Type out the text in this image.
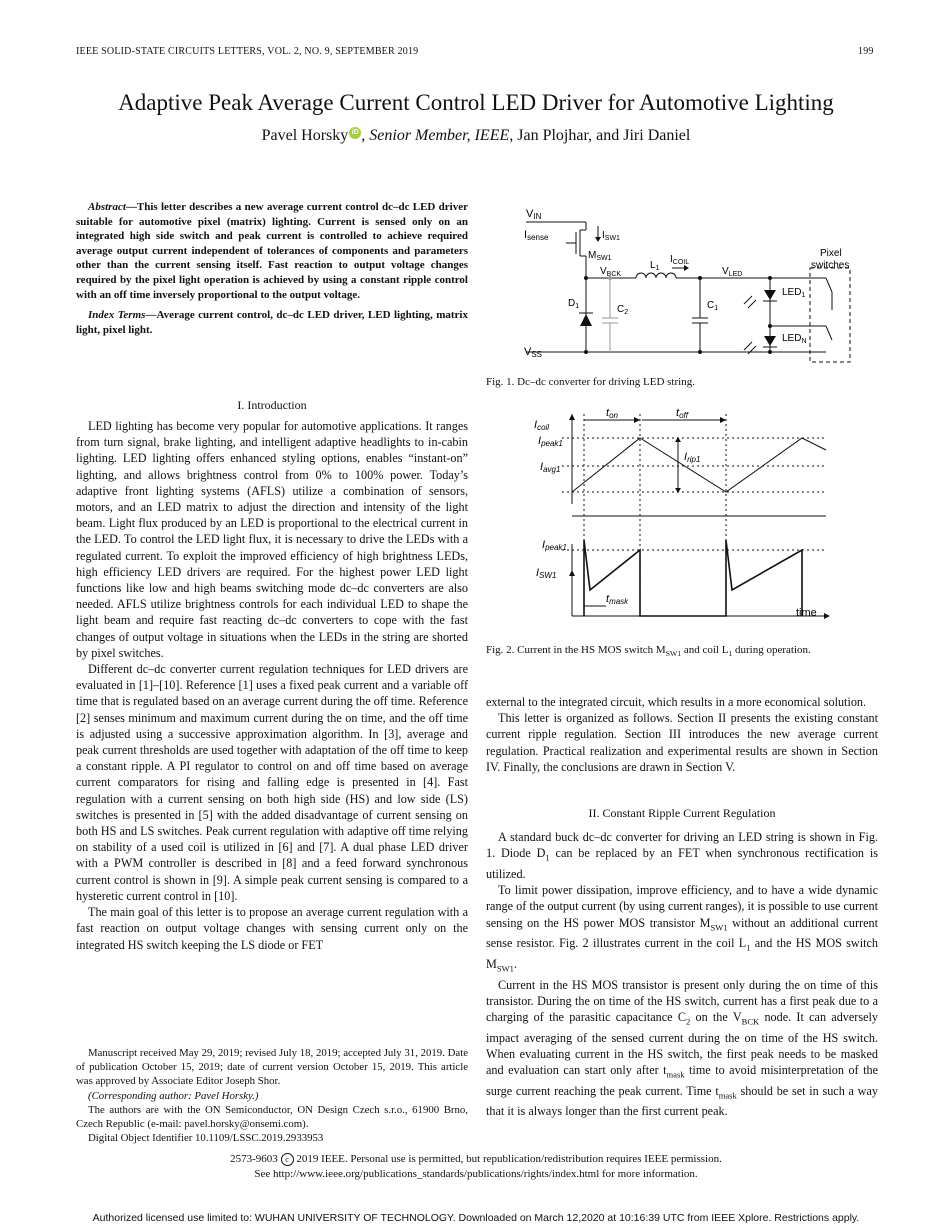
IEEE SOLID-STATE CIRCUITS LETTERS, VOL. 2, NO. 9, SEPTEMBER 2019	199
Adaptive Peak Average Current Control LED Driver for Automotive Lighting
Pavel Horsky iD , Senior Member, IEEE, Jan Plojhar, and Jiri Daniel

Abstract—This letter describes a new average current control dc–dc LED driver suitable for automotive pixel (matrix) lighting. Current is sensed only on an integrated high side switch and peak current is controlled to achieve required average output current independent of tolerances of components and parameters other than the current sensing itself. Fast reaction to output voltage changes required by the pixel light operation is achieved by using a constant ripple control with an off time inversely proportional to the output voltage.

Index Terms—Average current control, dc–dc LED driver, LED lighting, matrix light, pixel light.

I. Introduction

LED lighting has become very popular for automotive applications. It ranges from turn signal, brake lighting, and intelligent adaptive headlights to in-cabin lighting. LED lighting offers enhanced styling options, enables “instant-on” lighting, and allows brightness control from 0% to 100% power. Today’s adaptive front lighting systems (AFLS) utilize a combination of sensors, motors, and an LED matrix to adjust the direction and intensity of the light beam. Light flux produced by an LED is proportional to the electrical current in the LED. To control the LED light flux, it is necessary to drive the LEDs with a regulated current. To exploit the improved efficiency of high brightness LEDs, high efficiency LED drivers are required. For the highest power LED light functions like low and high beams switching mode dc–dc converters are also needed. AFLS utilize brightness controls for each individual LED to shape the light beam and require fast reacting dc–dc converters to cope with the fast changes of output voltage in situations when the LEDs in the string are shorted by pixel switches.

Different dc–dc converter current regulation techniques for LED drivers are evaluated in [1]–[10]. Reference [1] uses a fixed peak current and a variable off time that is regulated based on an average current during the off time. Reference [2] senses minimum and maximum current during the on time, and the off time is adjusted using a successive approximation algorithm. In [3], average and peak current thresholds are used together with adaptation of the off time to keep a constant ripple. A PI regulator to control on and off time based on average current comparators for rising and falling edge is presented in [4]. Fast regulation with a current sensing on both high side (HS) and low side (LS) switches is presented in [5] with the added disadvantage of current sensing on both HS and LS switches. Peak current regulation with adaptive off time relying on stability of a used coil is utilized in [6] and [7]. A dual phase LED driver with a PWM controller is described in [8] and a feed forward synchronous current control is shown in [9]. A simple peak current sensing is compared to a hysteretic current control in [10].

The main goal of this letter is to propose an average current regulation with a fast reaction on output voltage changes with sensing current only on the integrated HS switch keeping the LS diode or FET

Manuscript received May 29, 2019; revised July 18, 2019; accepted July 31, 2019. Date of publication October 15, 2019; date of current version October 15, 2019. This article was approved by Associate Editor Joseph Shor.

(Corresponding author: Pavel Horsky.)

The authors are with the ON Semiconductor, ON Design Czech s.r.o., 61900 Brno, Czech Republic (e-mail: pavel.horsky@onsemi.com).

Digital Object Identifier 10.1109/LSSC.2019.2933953

VIN
Isense	$I_{SW1}$
$M_{SW1}$
$V_{BCK}$
$L_1$
$I_{COIL}$
$V_{LED}$
$D_1$	$C_2$
$C_1$
Pixel
switches
$LED_1$
$LED_N$
VSS
Fig. 1. Dc–dc converter for driving LED string.
Icoil
Ipeak1
Iavg1
ton	toff
Irip1
Ipeak1
ISW1
tmask
time
Fig. 2. Current in the HS MOS switch $M_{SW1}$ and coil $L_1$ during operation.

external to the integrated circuit, which results in a more economical solution.

This letter is organized as follows. Section II presents the existing constant current ripple regulation. Section III introduces the new average current regulation. Practical realization and experimental results are shown in Section IV. Finally, the conclusions are drawn in Section V.

II. Constant Ripple Current Regulation

A standard buck dc–dc converter for driving an LED string is shown in Fig. 1. Diode $D_1$ can be replaced by an FET when synchronous rectification is utilized.

To limit power dissipation, improve efficiency, and to have a wide dynamic range of the output current (by using current ranges), it is possible to use current sensing on the HS power MOS transistor $M_{SW1}$ without an additional current sense resistor. Fig. 2 illustrates current in the coil $L_1$ and the HS MOS switch $M_{SW1}$.

Current in the HS MOS transistor is present only during the on time of this transistor. During the on time of the HS switch, current has a first peak due to a charging of the parasitic capacitance $C_2$ on the $V_{BCK}$ node. It can adversely impact averaging of the sensed current during the on time of the HS switch. When evaluating current in the HS switch, the first peak needs to be masked and evaluation can start only after $t_{mask}$ time to avoid misinterpretation of the surge current reaching the peak current. Time $t_{mask}$ should be set in such a way that it is always longer than the first current peak.

2573-9603 c 2019 IEEE. Personal use is permitted, but republication/redistribution requires IEEE permission.
See http://www.ieee.org/publications_standards/publications/rights/index.html for more information.
Authorized licensed use limited to: WUHAN UNIVERSITY OF TECHNOLOGY. Downloaded on March 12,2020 at 10:16:39 UTC from IEEE Xplore. Restrictions apply.
